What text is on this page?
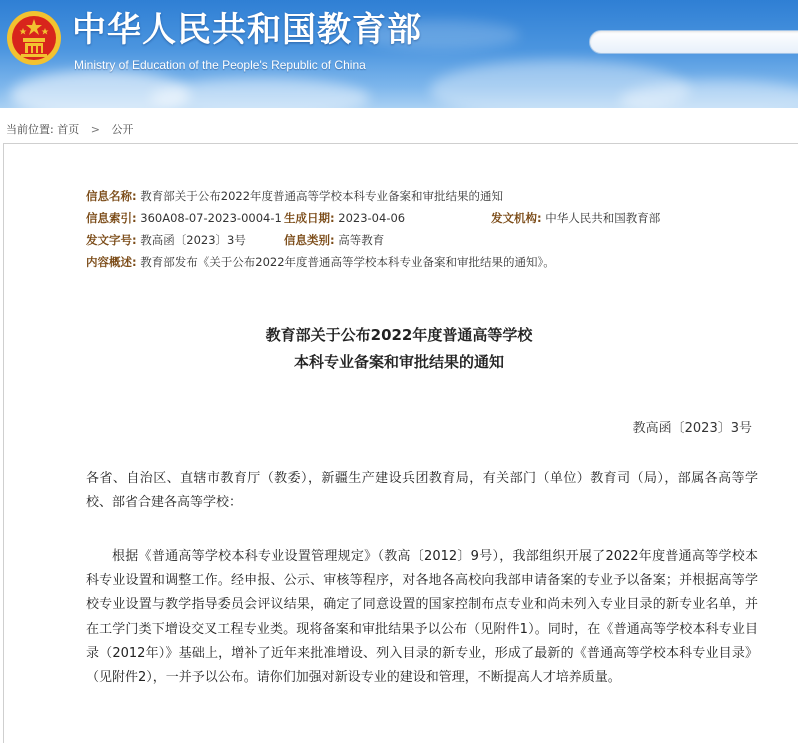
中华人民共和国教育部
Ministry of Education of the People's Republic of China
当前位置: 首页 > 公开
信息名称: 教育部关于公布2022年度普通高等学校本科专业备案和审批结果的通知
信息索引: 360A08-07-2023-0004-1 生成日期: 2023-04-06	发文机构: 中华人民共和国教育部
发文字号: 教高函〔2023〕3号	信息类别: 高等教育
内容概述: 教育部发布《关于公布2022年度普通高等学校本科专业备案和审批结果的通知》。
教育部关于公布2022年度普通高等学校
本科专业备案和审批结果的通知
教高函〔2023〕3号

各省、自治区、直辖市教育厅（教委），新疆生产建设兵团教育局，有关部门（单位）教育司（局），部属各高等学校、部省合建各高等学校：

根据《普通高等学校本科专业设置管理规定》（教高〔2012〕9号），我部组织开展了2022年度普通高等学校本科专业设置和调整工作。经申报、公示、审核等程序，对各地各高校向我部申请备案的专业予以备案；并根据高等学校专业设置与教学指导委员会评议结果，确定了同意设置的国家控制布点专业和尚未列入专业目录的新专业名单，并在工学门类下增设交叉工程专业类。现将备案和审批结果予以公布（见附件1）。同时，在《普通高等学校本科专业目录（2012年）》基础上，增补了近年来批准增设、列入目录的新专业，形成了最新的《普通高等学校本科专业目录》（见附件2），一并予以公布。请你们加强对新设专业的建设和管理，不断提高人才培养质量。
